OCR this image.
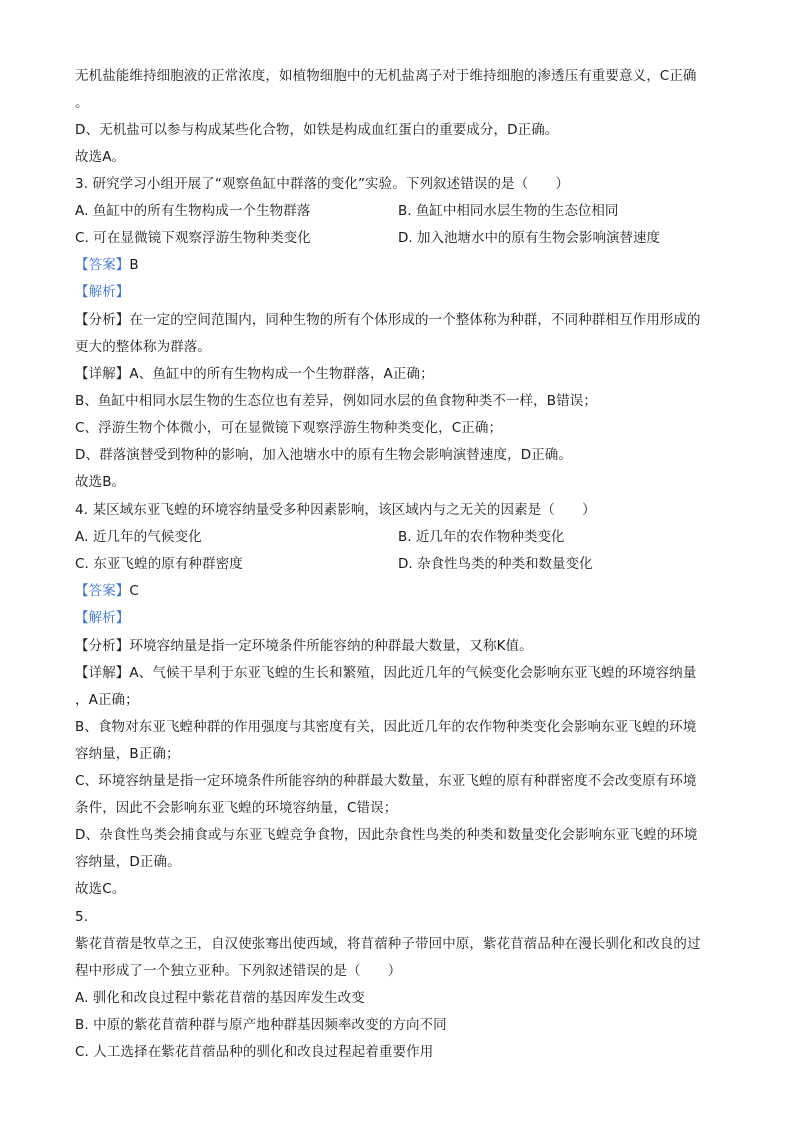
无机盐能维持细胞液的正常浓度，如植物细胞中的无机盐离子对于维持细胞的渗透压有重要意义，C正确
。
D、无机盐可以参与构成某些化合物，如铁是构成血红蛋白的重要成分，D正确。
故选A。
3. 研究学习小组开展了“观察鱼缸中群落的变化”实验。下列叙述错误的是（　　）
A. 鱼缸中的所有生物构成一个生物群落	B. 鱼缸中相同水层生物的生态位相同
C. 可在显微镜下观察浮游生物种类变化	D. 加入池塘水中的原有生物会影响演替速度
【答案】B
【解析】
【分析】在一定的空间范围内，同种生物的所有个体形成的一个整体称为种群，不同种群相互作用形成的
更大的整体称为群落。
【详解】A、鱼缸中的所有生物构成一个生物群落，A正确；
B、鱼缸中相同水层生物的生态位也有差异，例如同水层的鱼食物种类不一样，B错误；
C、浮游生物个体微小，可在显微镜下观察浮游生物种类变化，C正确；
D、群落演替受到物种的影响，加入池塘水中的原有生物会影响演替速度，D正确。
故选B。
4. 某区域东亚飞蝗的环境容纳量受多种因素影响，该区域内与之无关的因素是（　　）
A. 近几年的气候变化	B. 近几年的农作物种类变化
C. 东亚飞蝗的原有种群密度	D. 杂食性鸟类的种类和数量变化
【答案】C
【解析】
【分析】环境容纳量是指一定环境条件所能容纳的种群最大数量，又称K值。
【详解】A、气候干旱利于东亚飞蝗的生长和繁殖，因此近几年的气候变化会影响东亚飞蝗的环境容纳量
，A正确；
B、食物对东亚飞蝗种群的作用强度与其密度有关，因此近几年的农作物种类变化会影响东亚飞蝗的环境
容纳量，B正确；
C、环境容纳量是指一定环境条件所能容纳的种群最大数量，东亚飞蝗的原有种群密度不会改变原有环境
条件，因此不会影响东亚飞蝗的环境容纳量，C错误；
D、杂食性鸟类会捕食或与东亚飞蝗竞争食物，因此杂食性鸟类的种类和数量变化会影响东亚飞蝗的环境
容纳量，D正确。
故选C。
5.
紫花苜蓿是牧草之王，自汉使张骞出使西域，将苜蓿种子带回中原，紫花苜蓿品种在漫长驯化和改良的过
程中形成了一个独立亚种。下列叙述错误的是（　　）
A. 驯化和改良过程中紫花苜蓿的基因库发生改变
B. 中原的紫花苜蓿种群与原产地种群基因频率改变的方向不同
C. 人工选择在紫花苜蓿品种的驯化和改良过程起着重要作用
